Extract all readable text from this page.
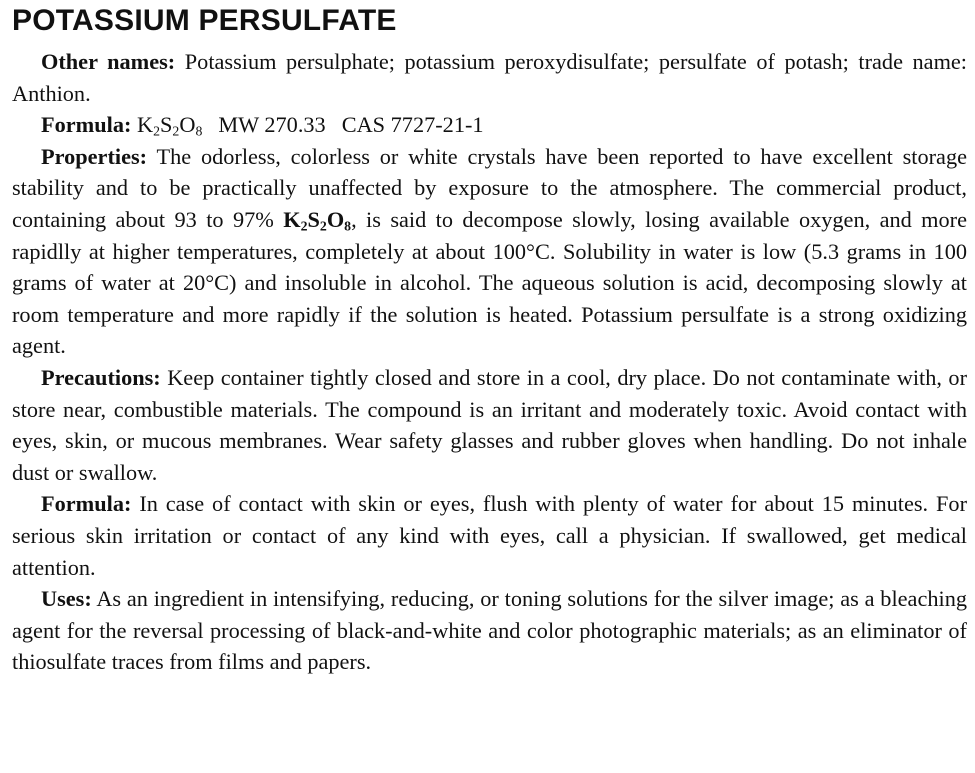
POTASSIUM PERSULFATE

Other names: Potassium persulphate; potassium peroxydisulfate; persulfate of potash; trade name: Anthion.

Formula: $K_2S_2O_8$ MW 270.33 CAS 7727-21-1

Properties: The odorless, colorless or white crystals have been reported to have excellent storage stability and to be practically unaffected by exposure to the atmosphere. The commercial product, containing about 93 to 97% $K_2S_2O_8$, is said to decompose slowly, losing available oxygen, and more rapidlly at higher temperatures, completely at about 100°C. Solubility in water is low (5.3 grams in 100 grams of water at 20°C) and insoluble in alcohol. The aqueous solution is acid, decomposing slowly at room temperature and more rapidly if the solution is heated. Potassium persulfate is a strong oxidizing agent.

Precautions: Keep container tightly closed and store in a cool, dry place. Do not contaminate with, or store near, combustible materials. The compound is an irritant and moderately toxic. Avoid contact with eyes, skin, or mucous membranes. Wear safety glasses and rubber gloves when handling. Do not inhale dust or swallow.

Formula: In case of contact with skin or eyes, flush with plenty of water for about 15 minutes. For serious skin irritation or contact of any kind with eyes, call a physician. If swallowed, get medical attention.

Uses: As an ingredient in intensifying, reducing, or toning solutions for the silver image; as a bleaching agent for the reversal processing of black-and-white and color photographic materials; as an eliminator of thiosulfate traces from films and papers.
